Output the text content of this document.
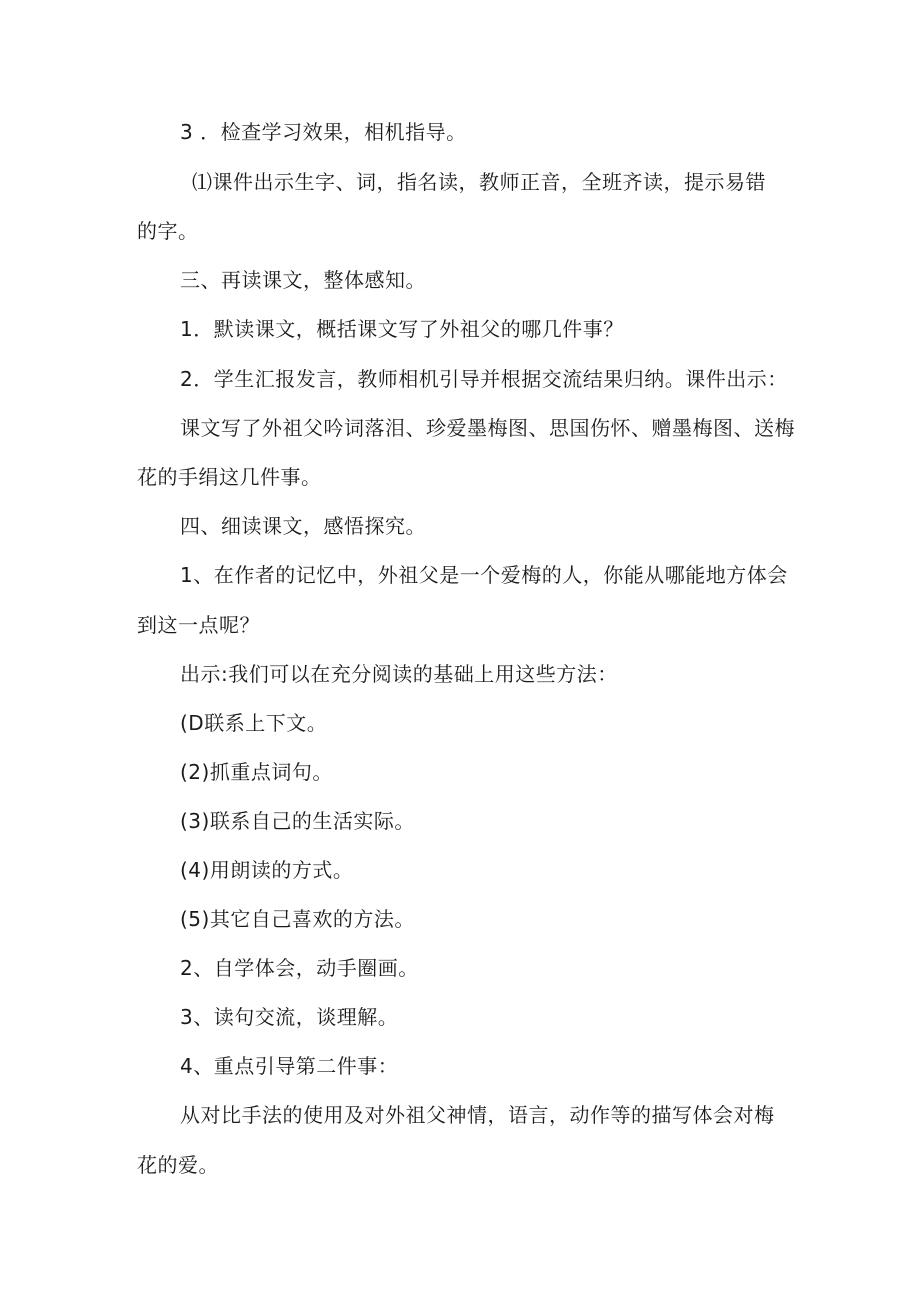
3 ．检查学习效果，相机指导。
⑴课件出示生字、词，指名读，教师正音，全班齐读，提示易错
的字。
三、再读课文，整体感知。
1．默读课文，概括课文写了外祖父的哪几件事？
2．学生汇报发言，教师相机引导并根据交流结果归纳。课件出示：
课文写了外祖父吟词落泪、珍爱墨梅图、思国伤怀、赠墨梅图、送梅
花的手绢这几件事。
四、细读课文，感悟探究。
1、在作者的记忆中，外祖父是一个爱梅的人，你能从哪能地方体会
到这一点呢？
出示:我们可以在充分阅读的基础上用这些方法：
(D联系上下文。
(2)抓重点词句。
(3)联系自己的生活实际。
(4)用朗读的方式。
(5)其它自己喜欢的方法。
2、自学体会，动手圈画。
3、读句交流，谈理解。
4、重点引导第二件事：
从对比手法的使用及对外祖父神情，语言，动作等的描写体会对梅
花的爱。
